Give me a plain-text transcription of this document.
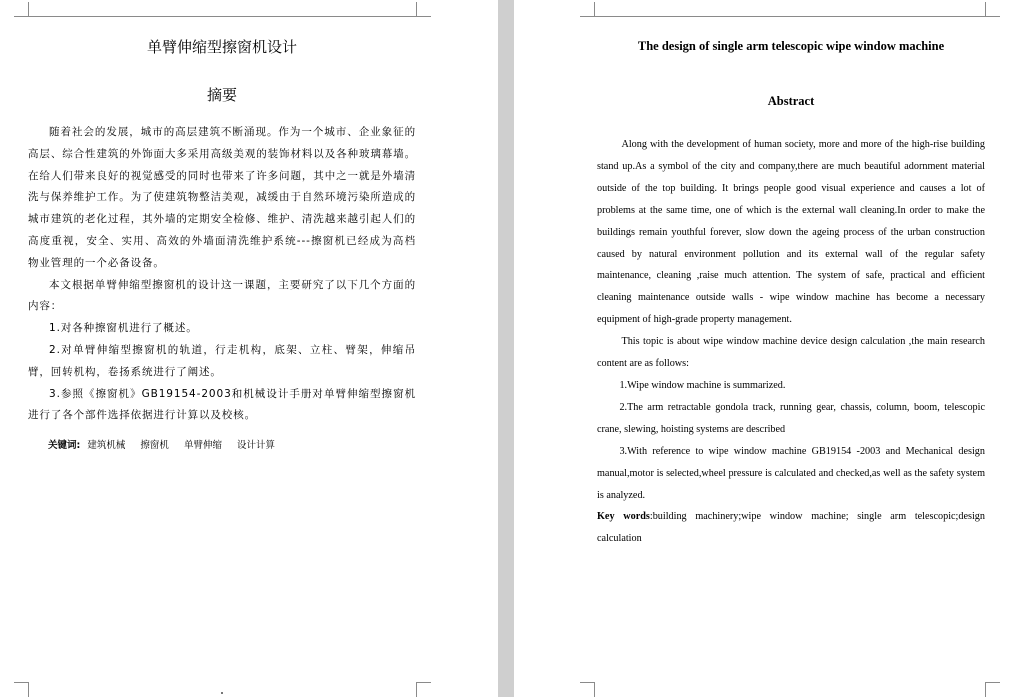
单臂伸缩型擦窗机设计
摘要

随着社会的发展，城市的高层建筑不断涌现。作为一个城市、企业象征的高层、综合性建筑的外饰面大多采用高级美观的装饰材料以及各种玻璃幕墙。在给人们带来良好的视觉感受的同时也带来了许多问题，其中之一就是外墙清洗与保养维护工作。为了使建筑物整洁美观，减缓由于自然环境污染所造成的城市建筑的老化过程，其外墙的定期安全检修、维护、清洗越来越引起人们的高度重视，安全、实用、高效的外墙面清洗维护系统---擦窗机已经成为高档物业管理的一个必备设备。

本文根据单臂伸缩型擦窗机的设计这一课题，主要研究了以下几个方面的内容：

1.对各种擦窗机进行了概述。

2.对单臂伸缩型擦窗机的轨道，行走机构，底架、立柱、臂架，伸缩吊臂，回转机构，卷扬系统进行了阐述。

3.参照《擦窗机》GB19154-2003和机械设计手册对单臂伸缩型擦窗机进行了各个部件选择依据进行计算以及校核。

关键词: 建筑机械 擦窗机 单臂伸缩 设计计算
The design of single arm telescopic wipe window machine
Abstract

Along with the development of human society, more and more of the high-rise building stand up.As a symbol of the city and company,there are much beautiful adornment material outside of the top building. It brings people good visual experience and causes a lot of problems at the same time, one of which is the external wall cleaning.In order to make the buildings remain youthful forever, slow down the ageing process of the urban construction caused by natural environment pollution and its external wall of the regular safety maintenance, cleaning ,raise much attention. The system of safe, practical and efficient cleaning maintenance outside walls - wipe window machine has become a necessary equipment of high-grade property management.

This topic is about wipe window machine device design calculation ,the main research content are as follows:

1.Wipe window machine is summarized.

2.The arm retractable gondola track, running gear, chassis, column, boom, telescopic crane, slewing, hoisting systems are described

3.With reference to wipe window machine GB19154 -2003 and Mechanical design manual,motor is selected,wheel pressure is calculated and checked,as well as the safety system is analyzed.

Key words:building machinery;wipe window machine; single arm telescopic;design calculation
